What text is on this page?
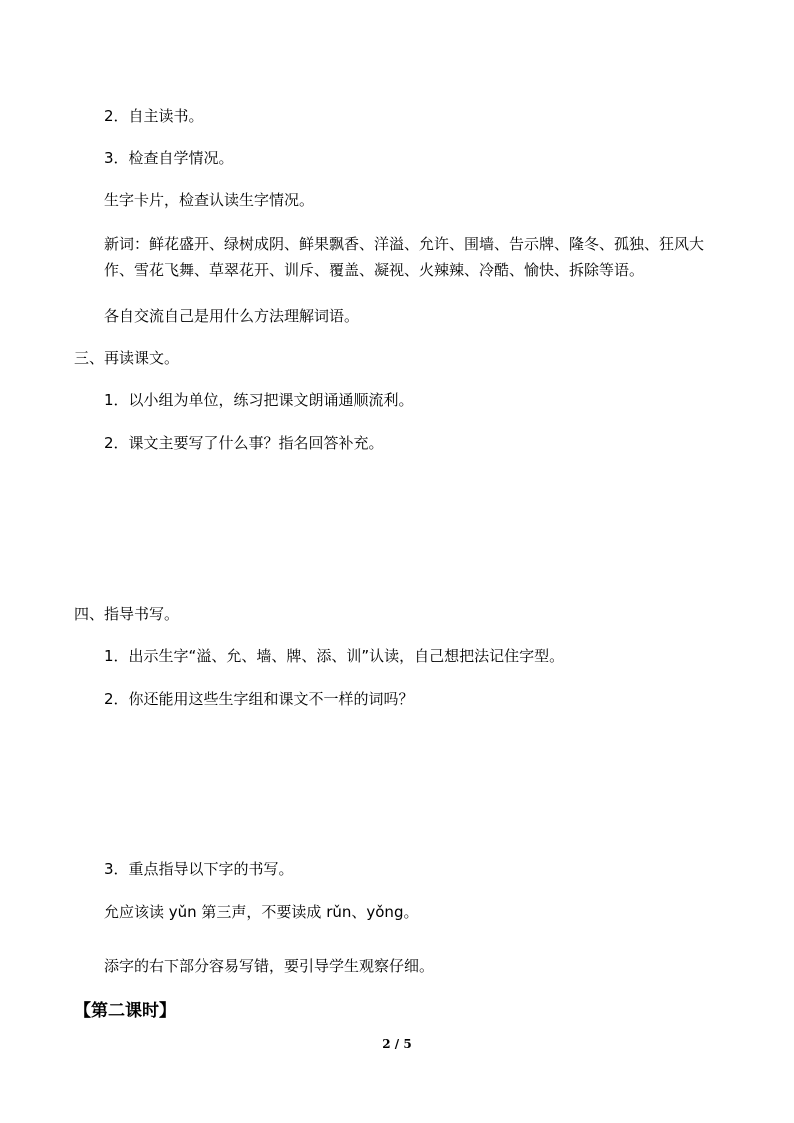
2．自主读书。
3．检查自学情况。
生字卡片，检查认读生字情况。
新词：鲜花盛开、绿树成阴、鲜果飘香、洋溢、允许、围墙、告示牌、隆冬、孤独、狂风大作、雪花飞舞、草翠花开、训斥、覆盖、凝视、火辣辣、冷酷、愉快、拆除等语。
各自交流自己是用什么方法理解词语。
三、再读课文。
1．以小组为单位，练习把课文朗诵通顺流利。
2．课文主要写了什么事？指名回答补充。
四、指导书写。
1．出示生字“溢、允、墙、牌、添、训”认读，自己想把法记住字型。
2．你还能用这些生字组和课文不一样的词吗？
3．重点指导以下字的书写。
允应该读 yǔn 第三声，不要读成 rǔn、yǒng。
添字的右下部分容易写错，要引导学生观察仔细。
【第二课时】
2 / 5
